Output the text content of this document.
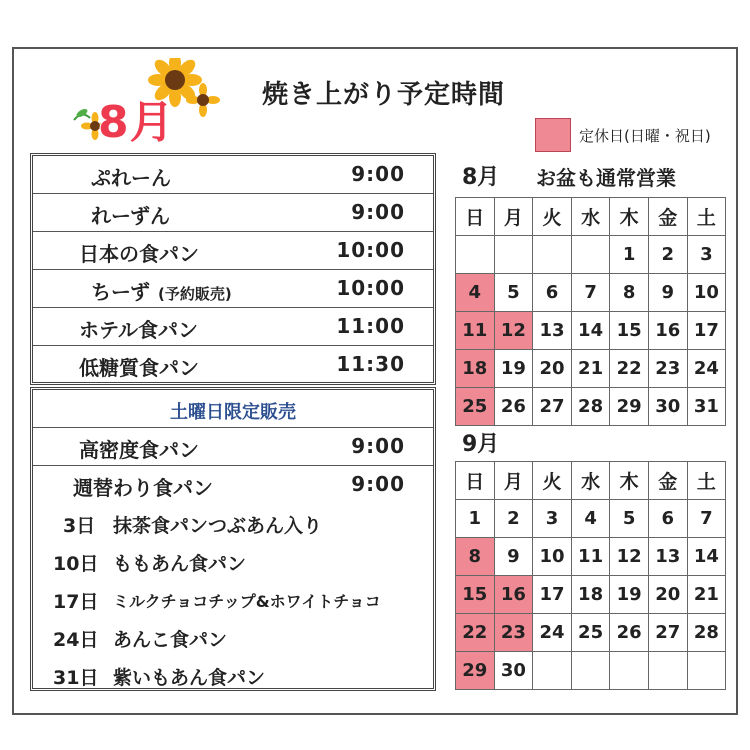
8月
焼き上がり予定時間
定休日(日曜・祝日)
ぷれーん	9:00
れーずん	9:00
日本の食パン	10:00
ちーず (予約販売)	10:00
ホテル食パン	11:00
低糖質食パン	11:30
土曜日限定販売
高密度食パン	9:00
週替わり食パン	9:00
3日 抹茶食パンつぶあん入り
10日 ももあん食パン
17日 ミルクチョコチップ&ホワイトチョコ
24日 あんこ食パン
31日 紫いもあん食パン
8月 お盆も通常営業
日	月	火	水	木	金	土
				1	2	3
4	5	6	7	8	9	10
11	12	13	14	15	16	17
18	19	20	21	22	23	24
25	26	27	28	29	30	31
9月
日	月	火	水	木	金	土
1	2	3	4	5	6	7
8	9	10	11	12	13	14
15	16	17	18	19	20	21
22	23	24	25	26	27	28
29	30					
